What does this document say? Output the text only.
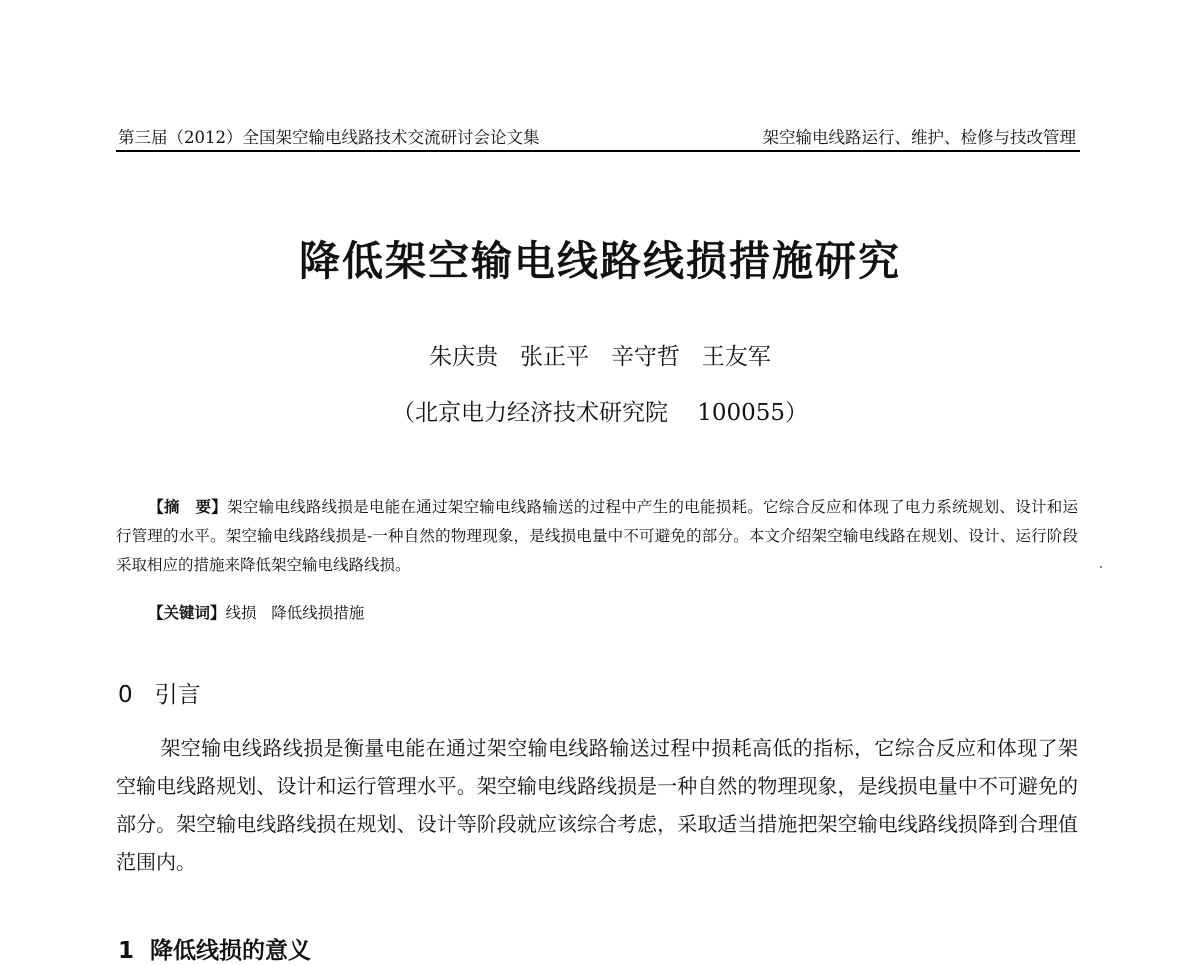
第三届（2012）全国架空输电线路技术交流研讨会论文集	架空输电线路运行、维护、检修与技改管理
降低架空输电线路线损措施研究
朱庆贵   张正平   辛守哲   王友军
（北京电力经济技术研究院    100055）
【摘　要】架空输电线路线损是电能在通过架空输电线路输送的过程中产生的电能损耗。它综合反应和体现了电力系统规划、设计和运行管理的水平。架空输电线路线损是-一种自然的物理现象，是线损电量中不可避免的部分。本文介绍架空输电线路在规划、设计、运行阶段采取相应的措施来降低架空输电线路线损。
【关键词】线损   降低线损措施
0 引言
架空输电线路线损是衡量电能在通过架空输电线路输送过程中损耗高低的指标，它综合反应和体现了架空输电线路规划、设计和运行管理水平。架空输电线路线损是一种自然的物理现象，是线损电量中不可避免的部分。架空输电线路线损在规划、设计等阶段就应该综合考虑，采取适当措施把架空输电线路线损降到合理值范围内。
1 降低线损的意义
